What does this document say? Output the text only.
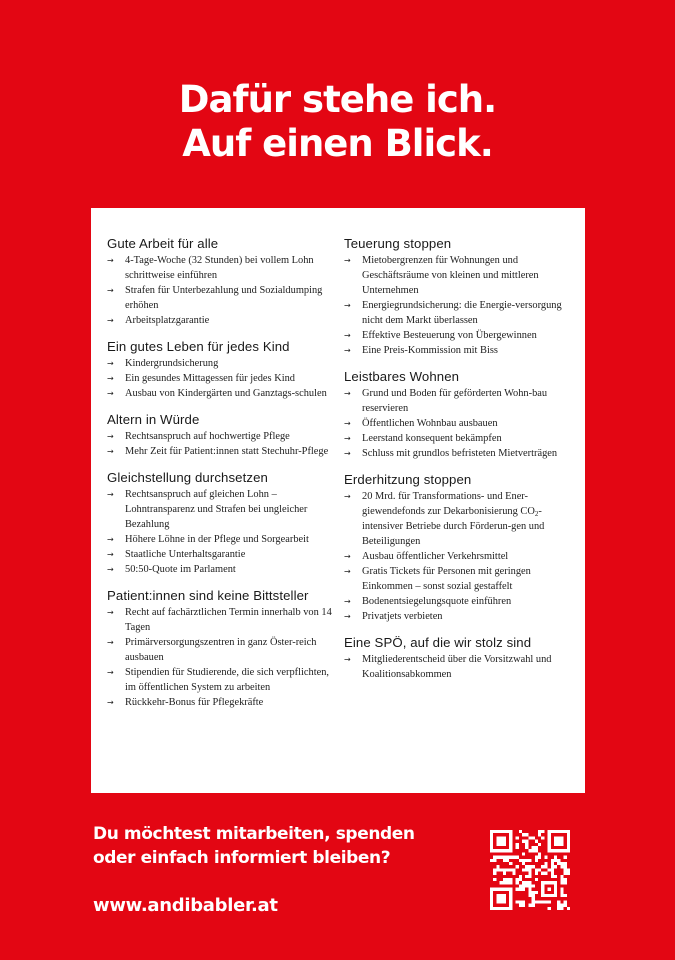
Dafür stehe ich.
Auf einen Blick.
Gute Arbeit für alle
→ 4-Tage-Woche (32 Stunden) bei vollem Lohn schrittweise einführen
→ Strafen für Unterbezahlung und Sozialdumping erhöhen
→ Arbeitsplatzgarantie
Ein gutes Leben für jedes Kind
→ Kindergrundsicherung
→ Ein gesundes Mittagessen für jedes Kind
→ Ausbau von Kindergärten und Ganztags-schulen
Altern in Würde
→ Rechtsanspruch auf hochwertige Pflege
→ Mehr Zeit für Patient:innen statt Stechuhr-Pflege
Gleichstellung durchsetzen
→ Rechtsanspruch auf gleichen Lohn – Lohntransparenz und Strafen bei ungleicher Bezahlung
→ Höhere Löhne in der Pflege und Sorgearbeit
→ Staatliche Unterhaltsgarantie
→ 50:50-Quote im Parlament
Patient:innen sind keine Bittsteller
→ Recht auf fachärztlichen Termin innerhalb von 14 Tagen
→ Primärversorgungszentren in ganz Öster-reich ausbauen
→ Stipendien für Studierende, die sich verpflichten, im öffentlichen System zu arbeiten
→ Rückkehr-Bonus für Pflegekräfte
Teuerung stoppen
→ Mietobergrenzen für Wohnungen und Geschäftsräume von kleinen und mittleren Unternehmen
→ Energiegrundsicherung: die Energie-versorgung nicht dem Markt überlassen
→ Effektive Besteuerung von Übergewinnen
→ Eine Preis-Kommission mit Biss
Leistbares Wohnen
→ Grund und Boden für geförderten Wohn-bau reservieren
→ Öffentlichen Wohnbau ausbauen
→ Leerstand konsequent bekämpfen
→ Schluss mit grundlos befristeten Mietverträgen
Erderhitzung stoppen
→ 20 Mrd. für Transformations- und Ener-giewendefonds zur Dekarbonisierung $CO_2$-intensiver Betriebe durch Förderun-gen und Beteiligungen
→ Ausbau öffentlicher Verkehrsmittel
→ Gratis Tickets für Personen mit geringen Einkommen – sonst sozial gestaffelt
→ Bodenentsiegelungsquote einführen
→ Privatjets verbieten
Eine SPÖ, auf die wir stolz sind
→ Mitgliederentscheid über die Vorsitzwahl und Koalitionsabkommen
Du möchtest mitarbeiten, spenden
oder einfach informiert bleiben?
www.andibabler.at
